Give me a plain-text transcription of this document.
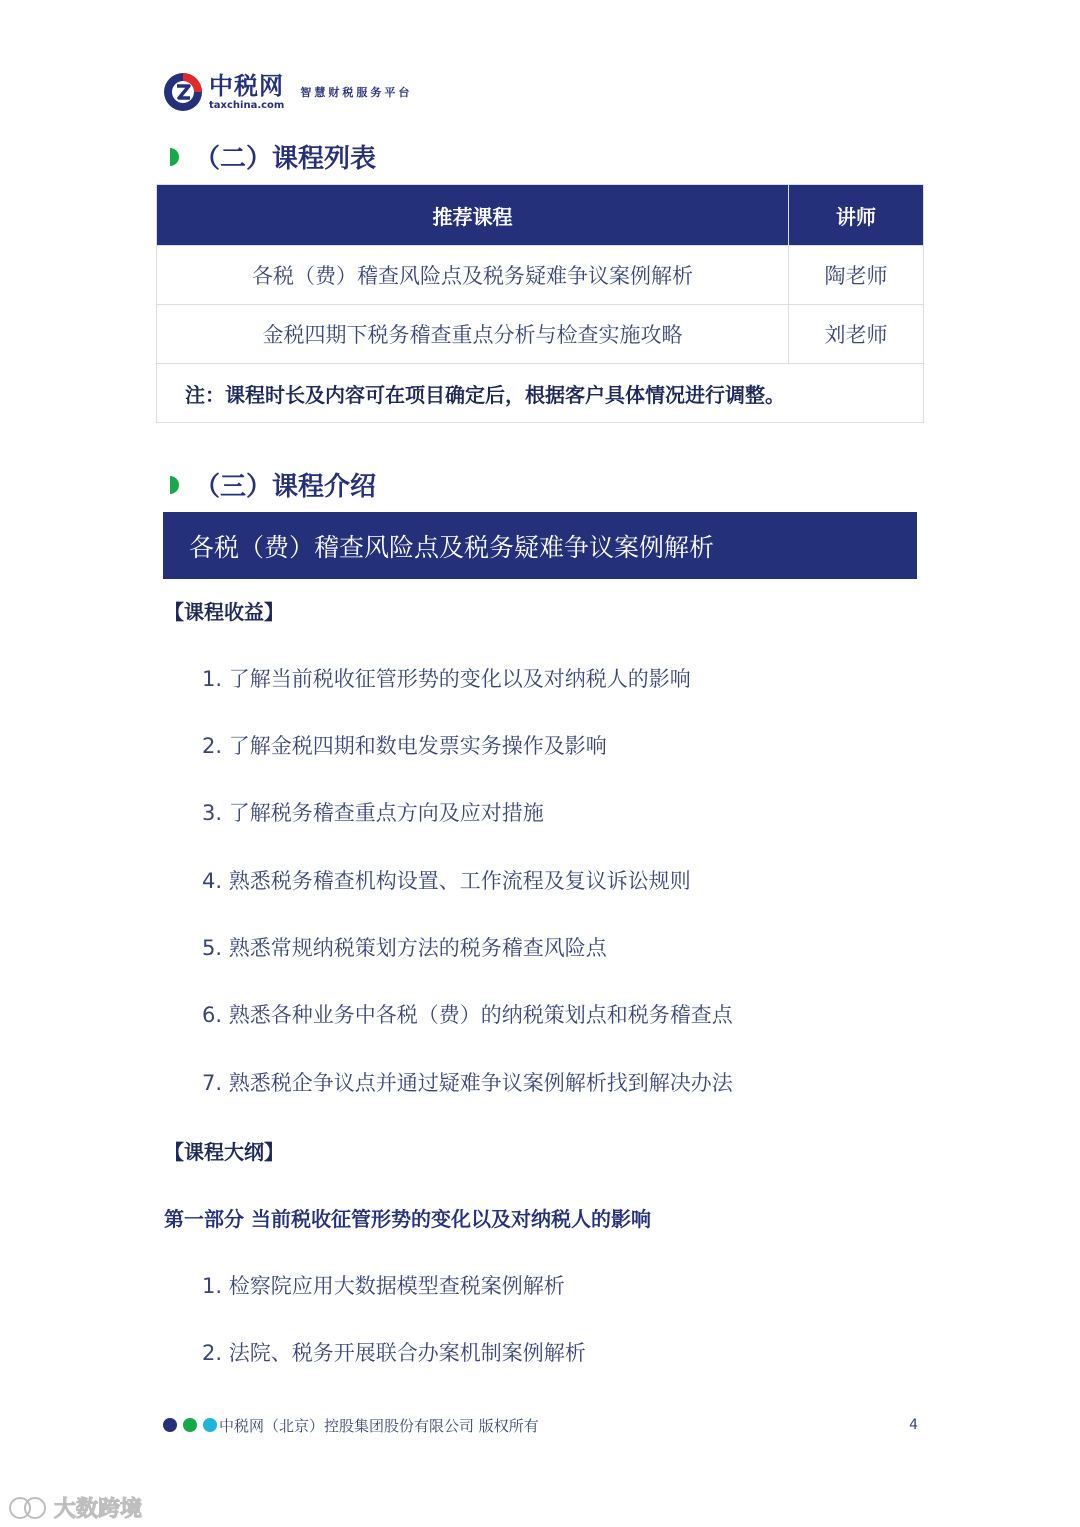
中税网
taxchina.com
智慧财税服务平台
（二）课程列表
推荐课程	讲师
各税（费）稽查风险点及税务疑难争议案例解析	陶老师
金税四期下税务稽查重点分析与检查实施攻略	刘老师
注：课程时长及内容可在项目确定后，根据客户具体情况进行调整。	
（三）课程介绍
各税（费）稽查风险点及税务疑难争议案例解析
【课程收益】
1. 了解当前税收征管形势的变化以及对纳税人的影响
2. 了解金税四期和数电发票实务操作及影响
3. 了解税务稽查重点方向及应对措施
4. 熟悉税务稽查机构设置、工作流程及复议诉讼规则
5. 熟悉常规纳税策划方法的税务稽查风险点
6. 熟悉各种业务中各税（费）的纳税策划点和税务稽查点
7. 熟悉税企争议点并通过疑难争议案例解析找到解决办法
【课程大纲】
第一部分 当前税收征管形势的变化以及对纳税人的影响
1. 检察院应用大数据模型查税案例解析
2. 法院、税务开展联合办案机制案例解析
中税网（北京）控股集团股份有限公司 版权所有	4
大数跨境
